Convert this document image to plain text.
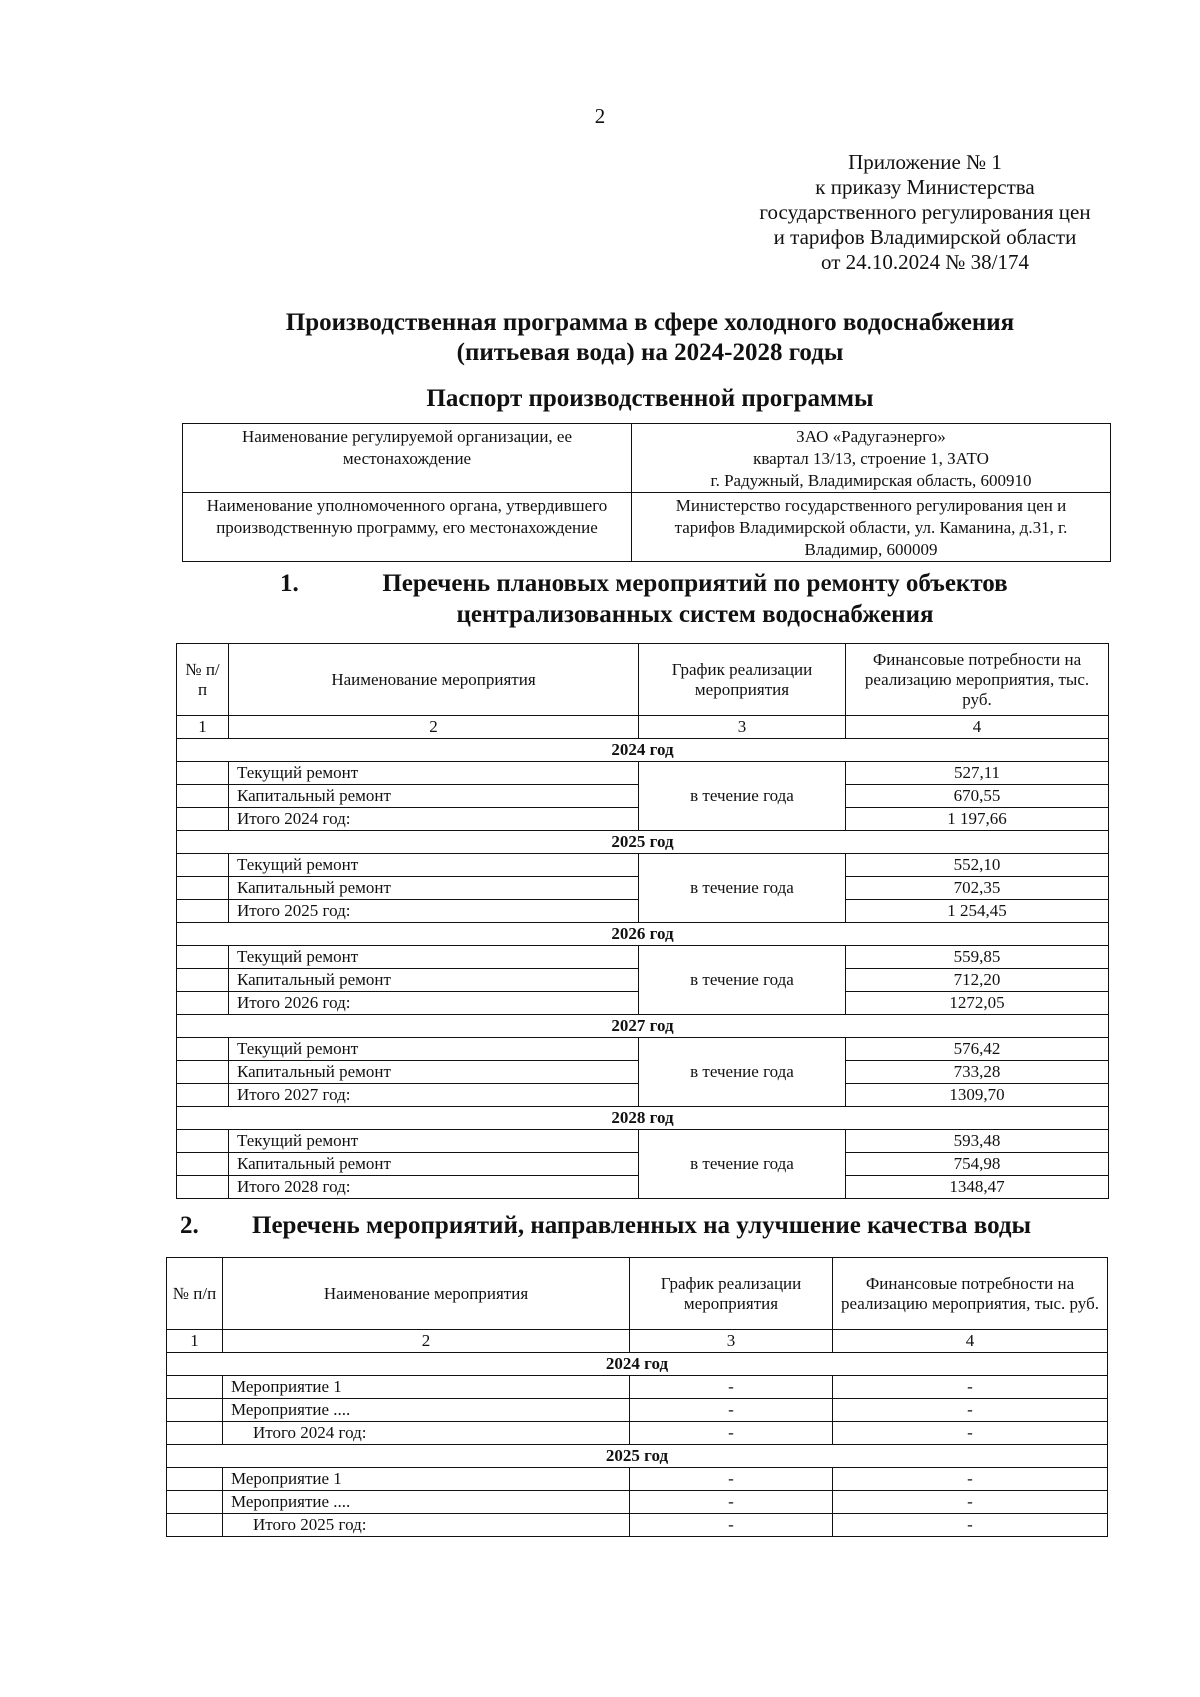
2
Приложение № 1
к приказу Министерства
государственного регулирования цен
и тарифов Владимирской области
от 24.10.2024 № 38/174
Производственная программа в сфере холодного водоснабжения
(питьевая вода) на 2024-2028 годы
Паспорт производственной программы
Наименование регулируемой организации, ее местонахождение	ЗАО «Радугаэнерго»
квартал 13/13, строение 1, ЗАТО
г. Радужный, Владимирская область, 600910

Наименование уполномоченного органа, утвердившего производственную программу, его местонахождение	Министерство государственного регулирования цен и тарифов Владимирской области, ул. Каманина, д.31, г. Владимир, 600009
1.	Перечень плановых мероприятий по ремонту объектов
централизованных систем водоснабжения
№ п/п	Наименование мероприятия	График реализации мероприятия	Финансовые потребности на реализацию мероприятия, тыс. руб.
1	2	3	4
2024 год			
	Текущий ремонт	в течение года	527,11
	Капитальный ремонт		670,55
	Итого 2024 год:		1 197,66
2025 год			
	Текущий ремонт	в течение года	552,10
	Капитальный ремонт		702,35
	Итого 2025 год:		1 254,45
2026 год			
	Текущий ремонт	в течение года	559,85
	Капитальный ремонт		712,20
	Итого 2026 год:		1272,05
2027 год			
	Текущий ремонт	в течение года	576,42
	Капитальный ремонт		733,28
	Итого 2027 год:		1309,70
2028 год			
	Текущий ремонт	в течение года	593,48
	Капитальный ремонт		754,98
	Итого 2028 год:		1348,47
2. Перечень мероприятий, направленных на улучшение качества воды
№ п/п	Наименование мероприятия	График реализации мероприятия	Финансовые потребности на реализацию мероприятия, тыс. руб.
1	2	3	4
2024 год			
	Мероприятие 1	-	-
	Мероприятие ....	-	-
	Итого 2024 год:	-	-
2025 год			
	Мероприятие 1	-	-
	Мероприятие ....	-	-
	Итого 2025 год:	-	-
